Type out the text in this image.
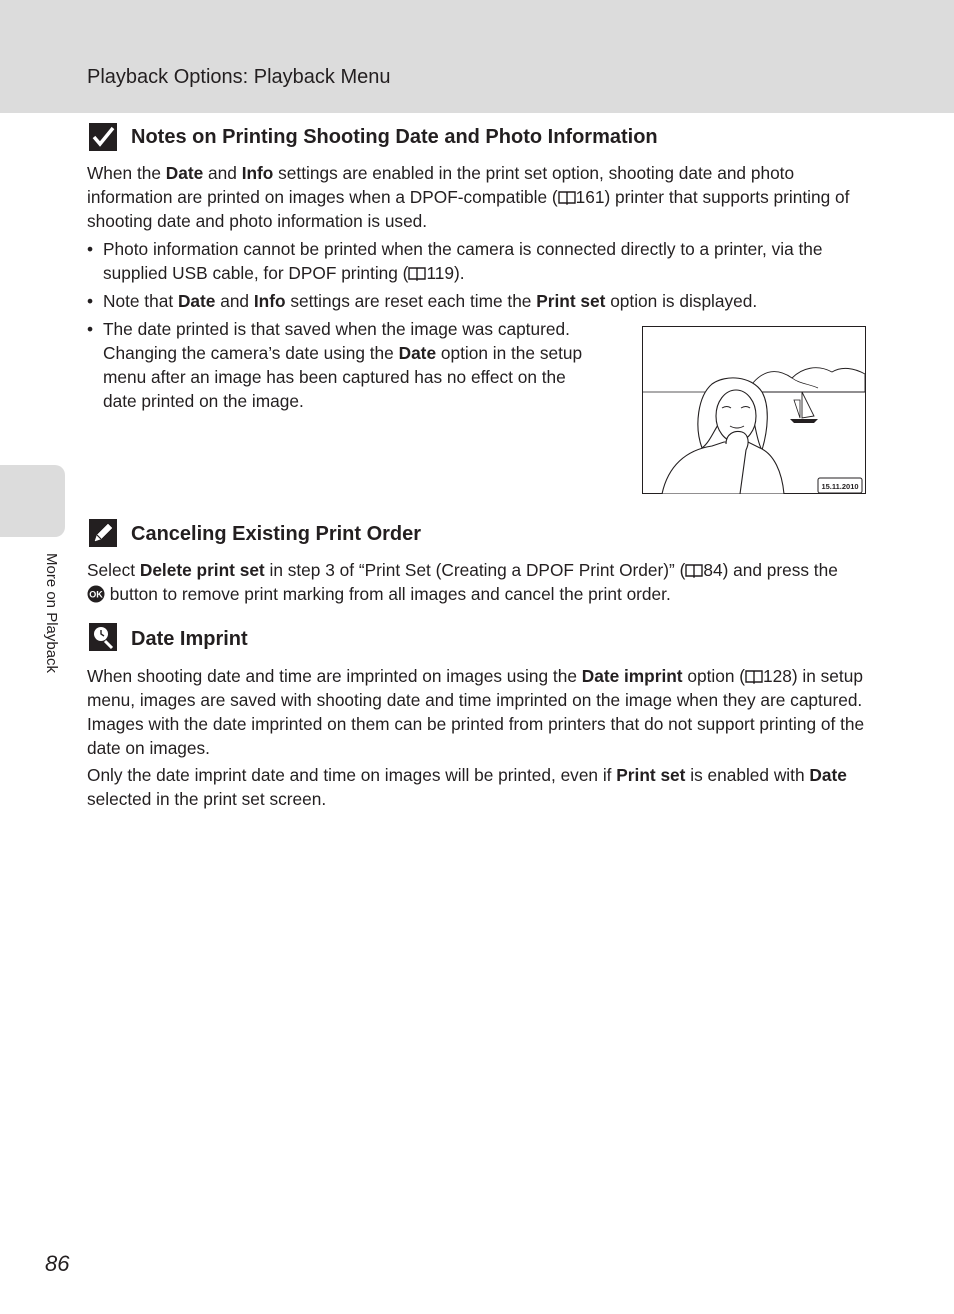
Playback Options: Playback Menu
More on Playback
Notes on Printing Shooting Date and Photo Information

When the Date and Info settings are enabled in the print set option, shooting date and photo information are printed on images when a DPOF-compatible ( 161) printer that supports printing of shooting date and photo information is used.

• Photo information cannot be printed when the camera is connected directly to a printer, via the
supplied USB cable, for DPOF printing ( 119).
• Note that Date and Info settings are reset each time the Print set option is displayed.
• The date printed is that saved when the image was captured.
Changing the camera’s date using the Date option in the setup
menu after an image has been captured has no effect on the
date printed on the image.
15.11.2010
Canceling Existing Print Order

Select Delete print set in step 3 of “Print Set (Creating a DPOF Print Order)” ( 84) and press the

OK button to remove print marking from all images and cancel the print order.

Date Imprint

When shooting date and time are imprinted on images using the Date imprint option ( 128) in setup menu, images are saved with shooting date and time imprinted on the image when they are captured. Images with the date imprinted on them can be printed from printers that do not support printing of the date on images.

Only the date imprint date and time on images will be printed, even if Print set is enabled with Date selected in the print set screen.

86
